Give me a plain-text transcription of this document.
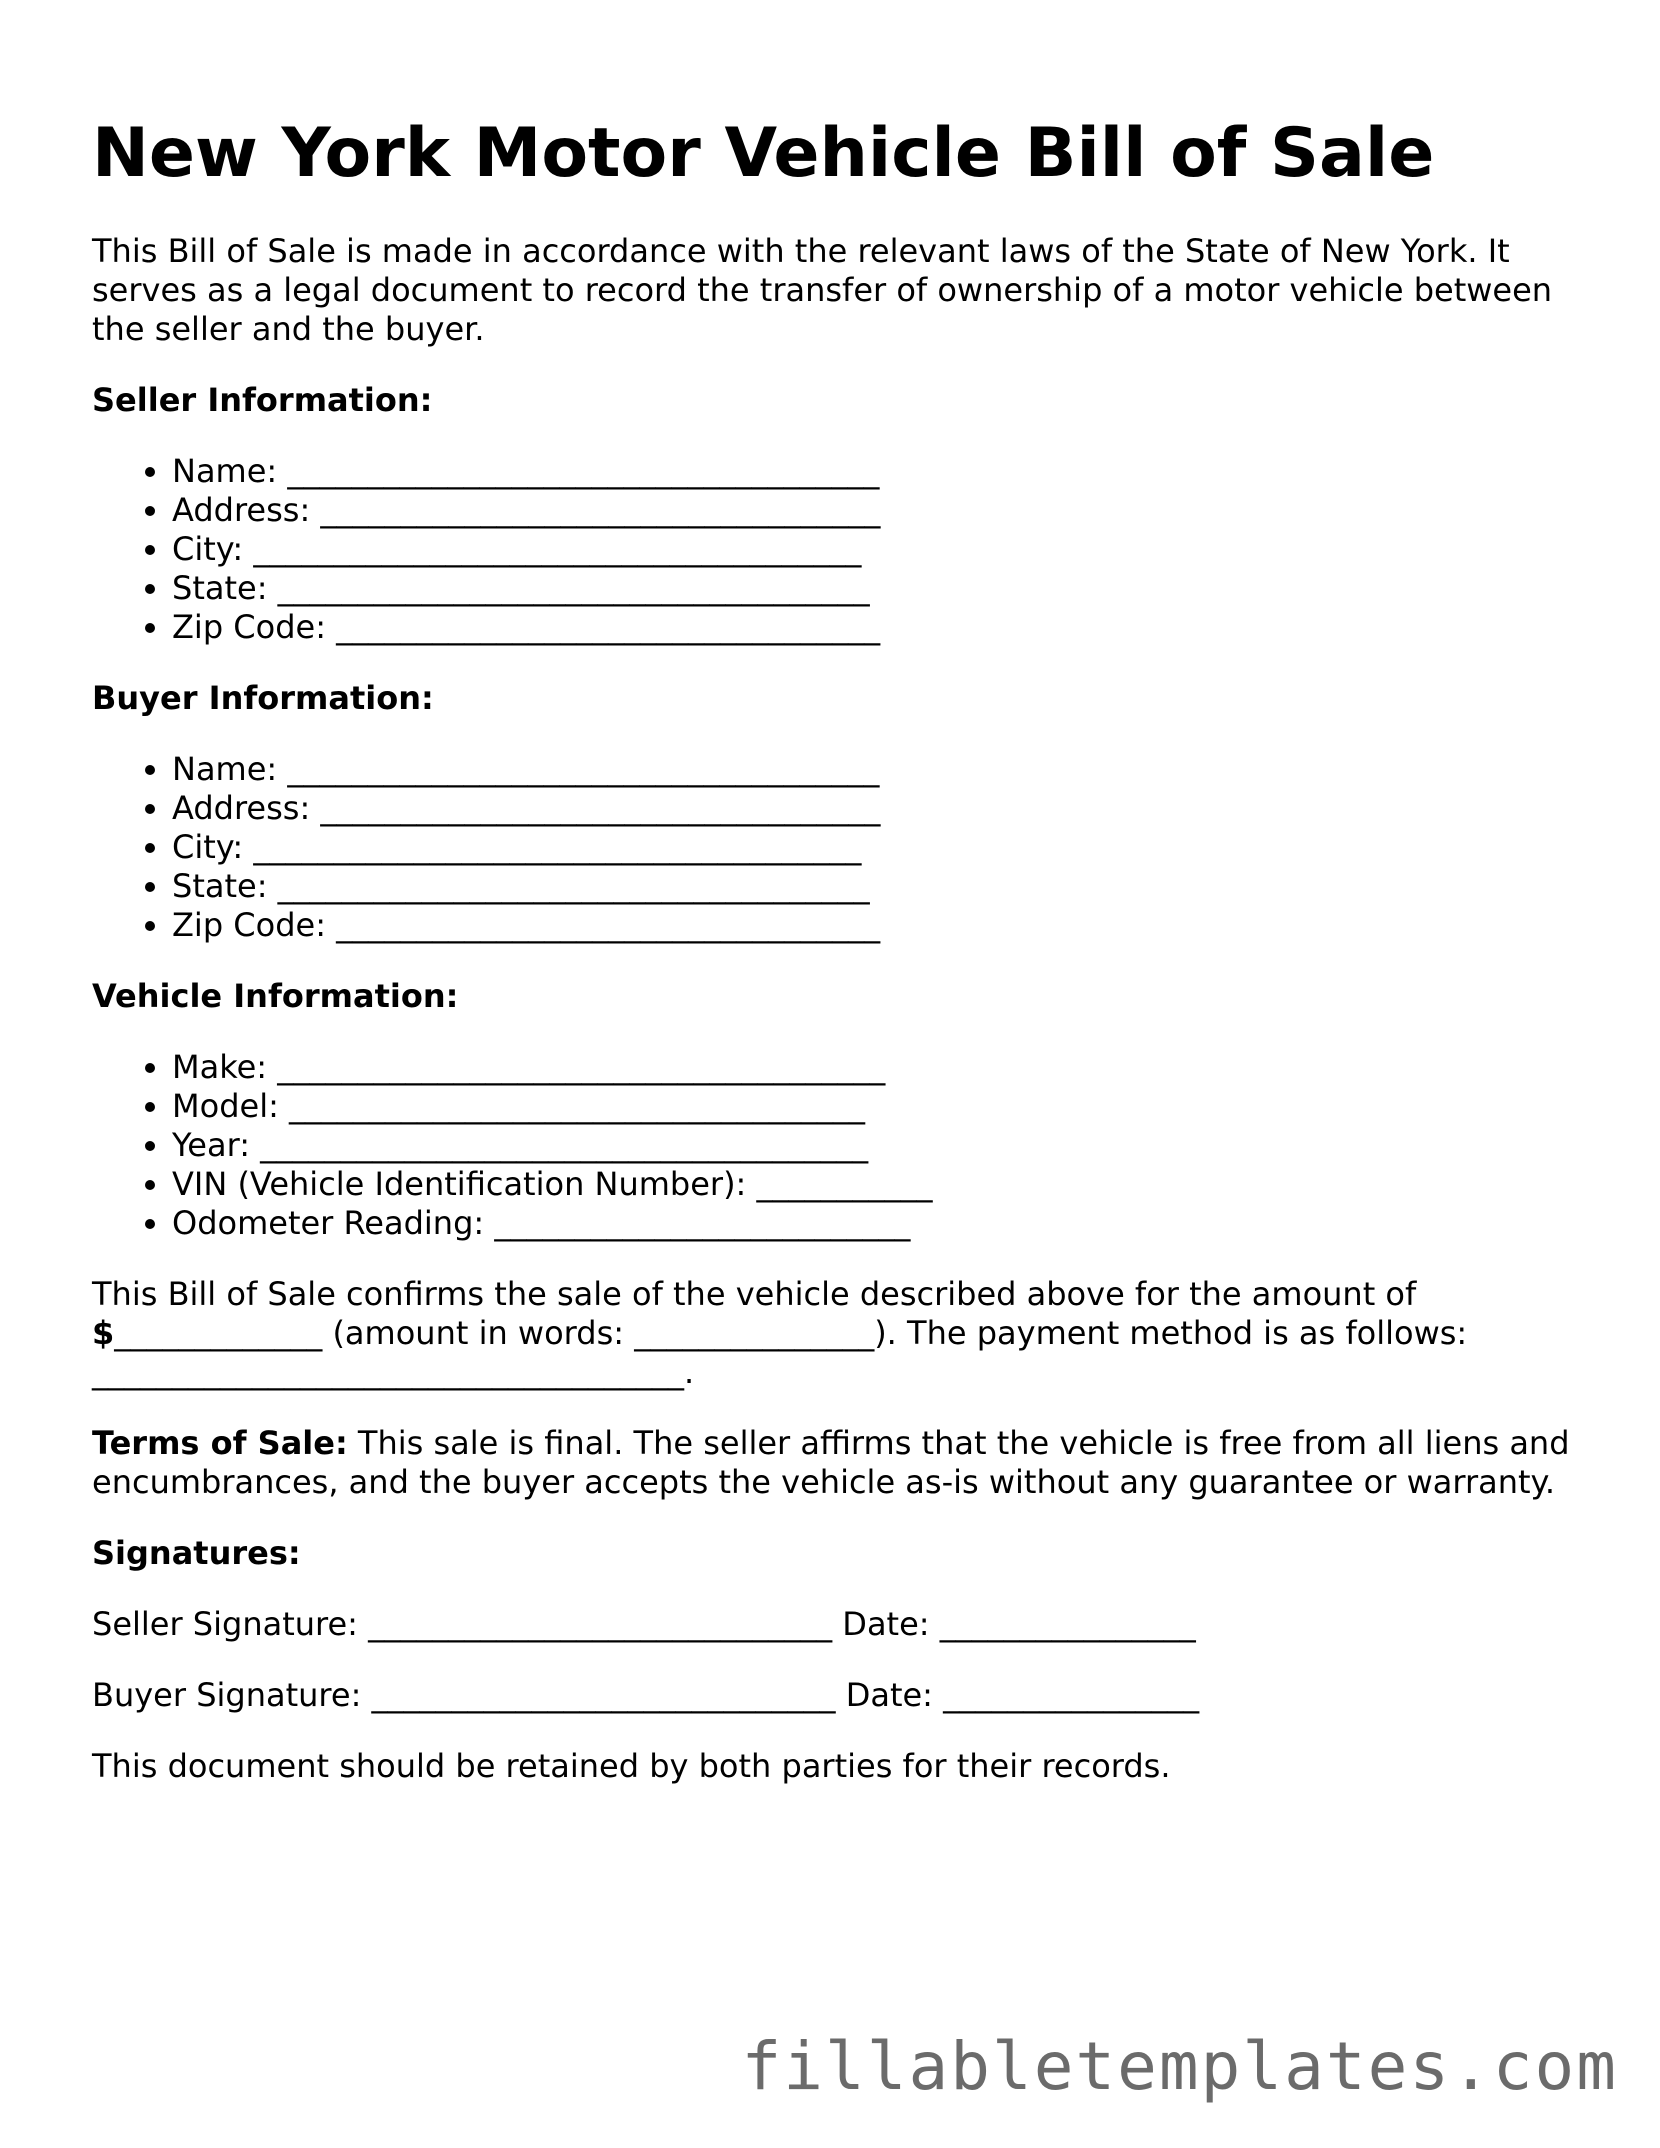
New York Motor Vehicle Bill of Sale

This Bill of Sale is made in accordance with the relevant laws of the State of New York. It serves as a legal document to record the transfer of ownership of a motor vehicle between the seller and the buyer.

Seller Information:
• Name: _____________________________________
• Address: ___________________________________
• City: ______________________________________
• State: _____________________________________
• Zip Code: __________________________________
Buyer Information:
• Name: _____________________________________
• Address: ___________________________________
• City: ______________________________________
• State: _____________________________________
• Zip Code: __________________________________
Vehicle Information:
• Make: ______________________________________
• Model: ____________________________________
• Year: ______________________________________
• VIN (Vehicle Identification Number): ___________
• Odometer Reading: __________________________

This Bill of Sale confirms the sale of the vehicle described above for the amount of $_____________ (amount in words: _______________). The payment method is as follows: _____________________________________.

Terms of Sale: This sale is final. The seller affirms that the vehicle is free from all liens and encumbrances, and the buyer accepts the vehicle as-is without any guarantee or warranty.

Signatures:
Seller Signature: _____________________________ Date: ________________
Buyer Signature: _____________________________ Date: ________________

This document should be retained by both parties for their records.

fillabletemplates.com
